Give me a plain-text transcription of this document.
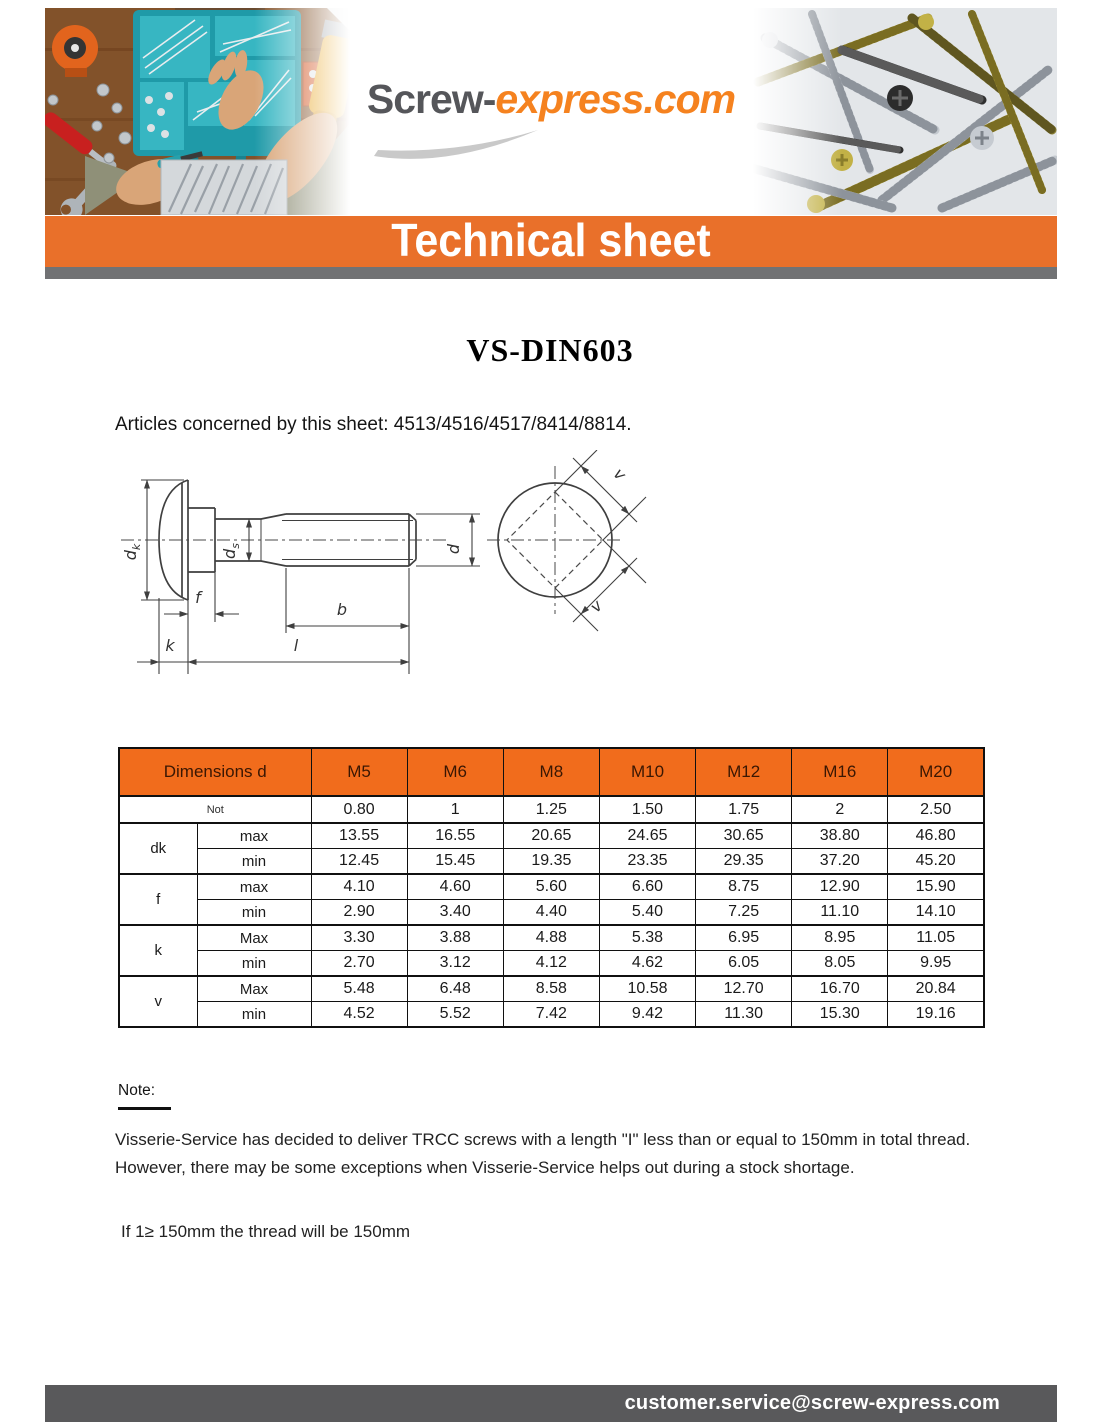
Screw-express.com
Technical sheet
VS-DIN603
Articles concerned by this sheet: 4513/4516/4517/8414/8814.
$d_k$
$d_s$	d
f
b
k	l
v
v
Dimensions d		M5	M6	M8	M10	M12	M16	M20
Not		0.80	1	1.25	1.50	1.75	2	2.50
dk	max	13.55	16.55	20.65	24.65	30.65	38.80	46.80
	min	12.45	15.45	19.35	23.35	29.35	37.20	45.20
f	max	4.10	4.60	5.60	6.60	8.75	12.90	15.90
	min	2.90	3.40	4.40	5.40	7.25	11.10	14.10
k	Max	3.30	3.88	4.88	5.38	6.95	8.95	11.05
	min	2.70	3.12	4.12	4.62	6.05	8.05	9.95
v	Max	5.48	6.48	8.58	10.58	12.70	16.70	20.84
	min	4.52	5.52	7.42	9.42	11.30	15.30	19.16
Note:
Visserie-Service has decided to deliver TRCC screws with a length "I" less than or equal to 150mm in total thread. However, there may be some exceptions when Visserie-Service helps out during a stock shortage.
If 1≥ 150mm the thread will be 150mm
customer.service@screw-express.com
